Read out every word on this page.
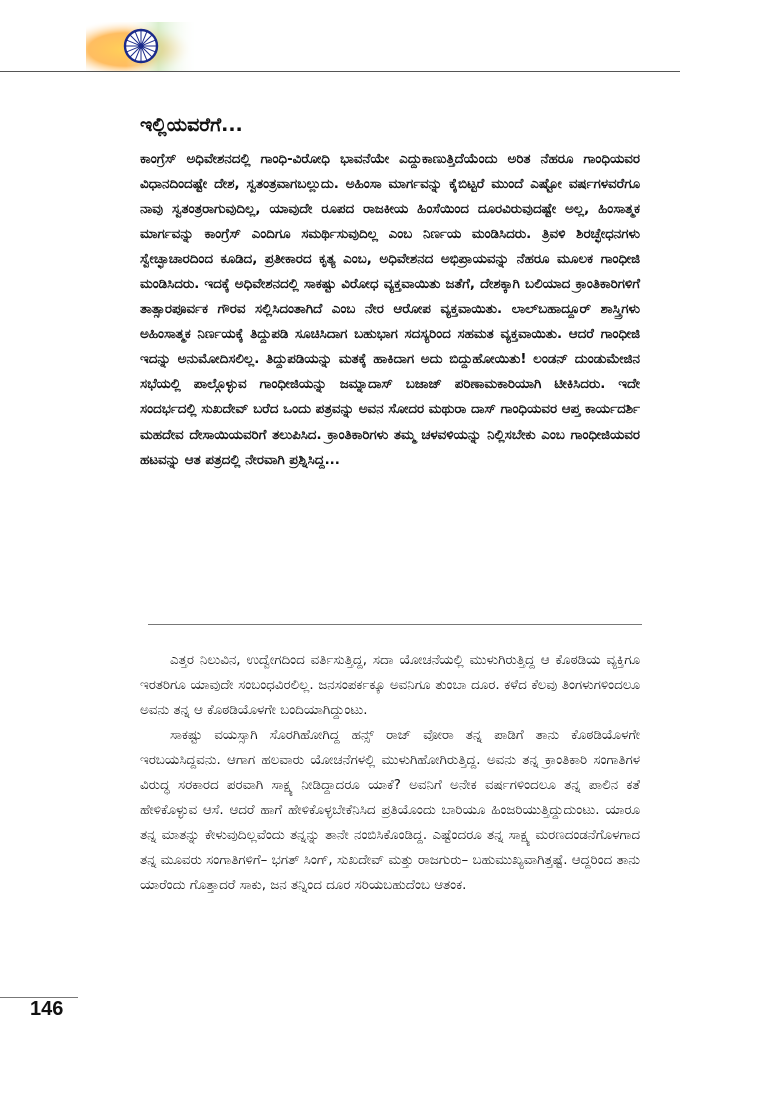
ಇಲ್ಲಿಯವರೆಗೆ...

ಕಾಂಗ್ರೆಸ್ ಅಧಿವೇಶನದಲ್ಲಿ ಗಾಂಧಿ-ವಿರೋಧಿ ಭಾವನೆಯೇ ಎದ್ದುಕಾಣುತ್ತಿದೆಯೆಂದು ಅರಿತ ನೆಹರೂ ಗಾಂಧಿಯವರ ವಿಧಾನದಿಂದಷ್ಟೇ ದೇಶ, ಸ್ವತಂತ್ರವಾಗಬಲ್ಲುದು. ಅಹಿಂಸಾ ಮಾರ್ಗವನ್ನು ಕೈಬಿಟ್ಟರೆ ಮುಂದೆ ಎಷ್ಟೋ ವರ್ಷಗಳವರೆಗೂ ನಾವು ಸ್ವತಂತ್ರರಾಗುವುದಿಲ್ಲ, ಯಾವುದೇ ರೂಪದ ರಾಜಕೀಯ ಹಿಂಸೆಯಿಂದ ದೂರವಿರುವುದಷ್ಟೇ ಅಲ್ಲ, ಹಿಂಸಾತ್ಮಕ ಮಾರ್ಗವನ್ನು ಕಾಂಗ್ರೆಸ್ ಎಂದಿಗೂ ಸಮರ್ಥಿಸುವುದಿಲ್ಲ ಎಂಬ ನಿರ್ಣಯ ಮಂಡಿಸಿದರು. ತ್ರಿವಳಿ ಶಿರಚ್ಛೇಧನಗಳು ಸ್ವೇಚ್ಛಾಚಾರದಿಂದ ಕೂಡಿದ, ಪ್ರತೀಕಾರದ ಕೃತ್ಯ ಎಂಬ, ಅಧಿವೇಶನದ ಅಭಿಪ್ರಾಯವನ್ನು ನೆಹರೂ ಮೂಲಕ ಗಾಂಧೀಜಿ ಮಂಡಿಸಿದರು. ಇದಕ್ಕೆ ಅಧಿವೇಶನದಲ್ಲಿ ಸಾಕಷ್ಟು ವಿರೋಧ ವ್ಯಕ್ತವಾಯಿತು ಜತೆಗೆ, ದೇಶಕ್ಕಾಗಿ ಬಲಿಯಾದ ಕ್ರಾಂತಿಕಾರಿಗಳಿಗೆ ತಾತ್ಸಾರಪೂರ್ವಕ ಗೌರವ ಸಲ್ಲಿಸಿದಂತಾಗಿದೆ ಎಂಬ ನೇರ ಆರೋಪ ವ್ಯಕ್ತವಾಯಿತು. ಲಾಲ್‌ಬಹಾದ್ದೂರ್ ಶಾಸ್ತ್ರಿಗಳು ಅಹಿಂಸಾತ್ಮಕ ನಿರ್ಣಯಕ್ಕೆ ತಿದ್ದುಪಡಿ ಸೂಚಿಸಿದಾಗ ಬಹುಭಾಗ ಸದಸ್ಯರಿಂದ ಸಹಮತ ವ್ಯಕ್ತವಾಯಿತು. ಆದರೆ ಗಾಂಧೀಜಿ ಇದನ್ನು ಅನುಮೋದಿಸಲಿಲ್ಲ. ತಿದ್ದುಪಡಿಯನ್ನು ಮತಕ್ಕೆ ಹಾಕಿದಾಗ ಅದು ಬಿದ್ದುಹೋಯಿತು! ಲಂಡನ್ ದುಂಡುಮೇಜಿನ ಸಭೆಯಲ್ಲಿ ಪಾಲ್ಗೊಳ್ಳುವ ಗಾಂಧೀಜಿಯನ್ನು ಜಮ್ನಾದಾಸ್ ಬಜಾಜ್ ಪರಿಣಾಮಕಾರಿಯಾಗಿ ಟೀಕಿಸಿದರು. ಇದೇ ಸಂದರ್ಭದಲ್ಲಿ ಸುಖದೇವ್ ಬರೆದ ಒಂದು ಪತ್ರವನ್ನು ಅವನ ಸೋದರ ಮಥುರಾ ದಾಸ್ ಗಾಂಧಿಯವರ ಆಪ್ತ ಕಾರ್ಯದರ್ಶಿ ಮಹದೇವ ದೇಸಾಯಿಯವರಿಗೆ ತಲುಪಿಸಿದ. ಕ್ರಾಂತಿಕಾರಿಗಳು ತಮ್ಮ ಚಳವಳಿಯನ್ನು ನಿಲ್ಲಿಸಬೇಕು ಎಂಬ ಗಾಂಧೀಜಿಯವರ ಹಟವನ್ನು ಆತ ಪತ್ರದಲ್ಲಿ ನೇರವಾಗಿ ಪ್ರಶ್ನಿಸಿದ್ದ...

ಎತ್ತರ ನಿಲುವಿನ, ಉದ್ವೇಗದಿಂದ ವರ್ತಿಸುತ್ತಿದ್ದ, ಸದಾ ಯೋಚನೆಯಲ್ಲಿ ಮುಳುಗಿರುತ್ತಿದ್ದ ಆ ಕೊಠಡಿಯ ವ್ಯಕ್ತಿಗೂ ಇರತರಿಗೂ ಯಾವುದೇ ಸಂಬಂಧವಿರಲಿಲ್ಲ. ಜನಸಂಪರ್ಕಕ್ಕೂ ಅವನಿಗೂ ತುಂಬಾ ದೂರ. ಕಳೆದ ಕೆಲವು ತಿಂಗಳುಗಳಿಂದಲೂ ಅವನು ತನ್ನ ಆ ಕೊಠಡಿಯೊಳಗೇ ಬಂದಿಯಾಗಿದ್ದುಂಟು.

ಸಾಕಷ್ಟು ವಯಸ್ಸಾಗಿ ಸೊರಗಿಹೋಗಿದ್ದ ಹನ್ಸ್ ರಾಜ್ ವೋರಾ ತನ್ನ ಪಾಡಿಗೆ ತಾನು ಕೊಠಡಿಯೊಳಗೇ ಇರಬಯಸಿದ್ದವನು. ಆಗಾಗ ಹಲವಾರು ಯೋಚನೆಗಳಲ್ಲಿ ಮುಳುಗಿಹೋಗಿರುತ್ತಿದ್ದ. ಅವನು ತನ್ನ ಕ್ರಾಂತಿಕಾರಿ ಸಂಗಾತಿಗಳ ವಿರುದ್ಧ ಸರಕಾರದ ಪರವಾಗಿ ಸಾಕ್ಷ್ಯ ನೀಡಿದ್ದಾದರೂ ಯಾಕೆ? ಅವನಿಗೆ ಅನೇಕ ವರ್ಷಗಳಿಂದಲೂ ತನ್ನ ಪಾಲಿನ ಕತೆ ಹೇಳಿಕೊಳ್ಳುವ ಆಸೆ. ಆದರೆ ಹಾಗೆ ಹೇಳಿಕೊಳ್ಳಬೇಕೆನಿಸಿದ ಪ್ರತಿಯೊಂದು ಬಾರಿಯೂ ಹಿಂಜರಿಯುತ್ತಿದ್ದುದುಂಟು. ಯಾರೂ ತನ್ನ ಮಾತನ್ನು ಕೇಳುವುದಿಲ್ಲವೆಂದು ತನ್ನನ್ನು ತಾನೇ ನಂಬಿಸಿಕೊಂಡಿದ್ದ. ಎಷ್ಟೆಂದರೂ ತನ್ನ ಸಾಕ್ಷ್ಯ ಮರಣದಂಡನೆಗೊಳಗಾದ ತನ್ನ ಮೂವರು ಸಂಗಾತಿಗಳಿಗೆ– ಭಗತ್ ಸಿಂಗ್, ಸುಖದೇವ್ ಮತ್ತು ರಾಜಗುರು– ಬಹುಮುಖ್ಯವಾಗಿತ್ತಷ್ಟೆ. ಆದ್ದರಿಂದ ತಾನು ಯಾರೆಂದು ಗೊತ್ತಾದರೆ ಸಾಕು, ಜನ ತನ್ನಿಂದ ದೂರ ಸರಿಯಬಹುದೆಂಬ ಆತಂಕ.

146
